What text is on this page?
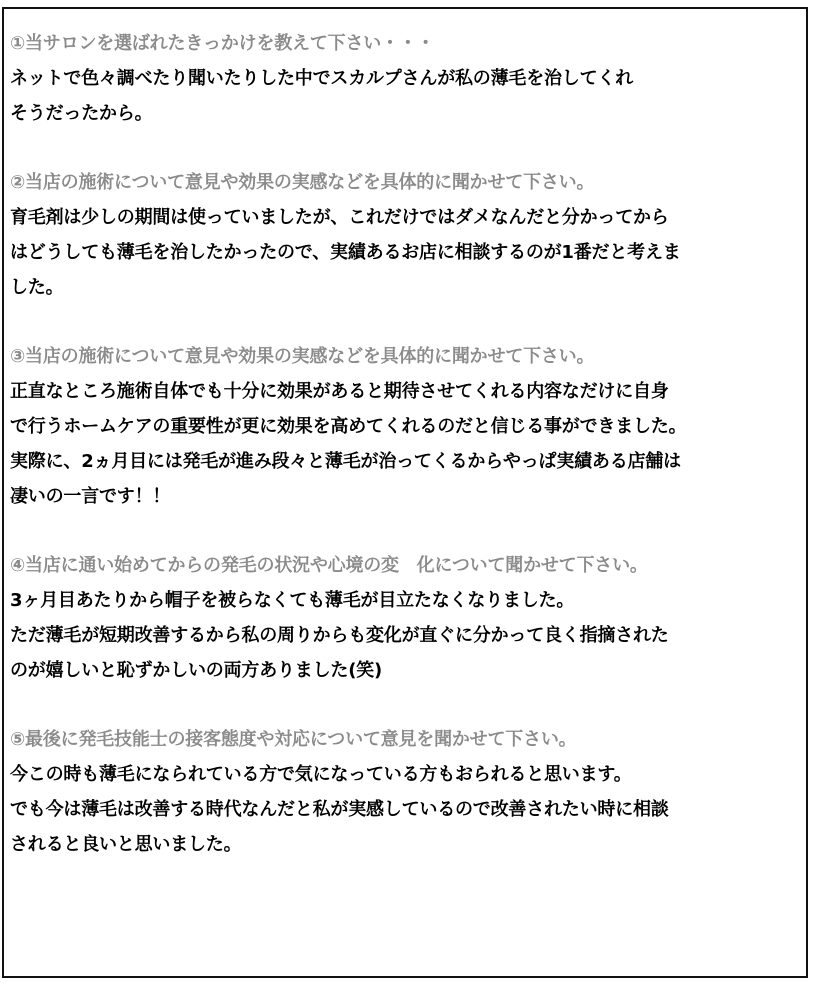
①当サロンを選ばれたきっかけを教えて下さい・・・
ネットで色々調べたり聞いたりした中でスカルプさんが私の薄毛を治してくれ
そうだったから。
②当店の施術について意見や効果の実感などを具体的に聞かせて下さい。
育毛剤は少しの期間は使っていましたが、これだけではダメなんだと分かってから
はどうしても薄毛を治したかったので、実績あるお店に相談するのが1番だと考えま
した。
③当店の施術について意見や効果の実感などを具体的に聞かせて下さい。
正直なところ施術自体でも十分に効果があると期待させてくれる内容なだけに自身
で行うホームケアの重要性が更に効果を高めてくれるのだと信じる事ができました。
実際に、2ヵ月目には発毛が進み段々と薄毛が治ってくるからやっぱ実績ある店舗は
凄いの一言です！！
④当店に通い始めてからの発毛の状況や心境の変　化について聞かせて下さい。
3ヶ月目あたりから帽子を被らなくても薄毛が目立たなくなりました。
ただ薄毛が短期改善するから私の周りからも変化が直ぐに分かって良く指摘された
のが嬉しいと恥ずかしいの両方ありました(笑)
⑤最後に発毛技能士の接客態度や対応について意見を聞かせて下さい。
今この時も薄毛になられている方で気になっている方もおられると思います。
でも今は薄毛は改善する時代なんだと私が実感しているので改善されたい時に相談
されると良いと思いました。
